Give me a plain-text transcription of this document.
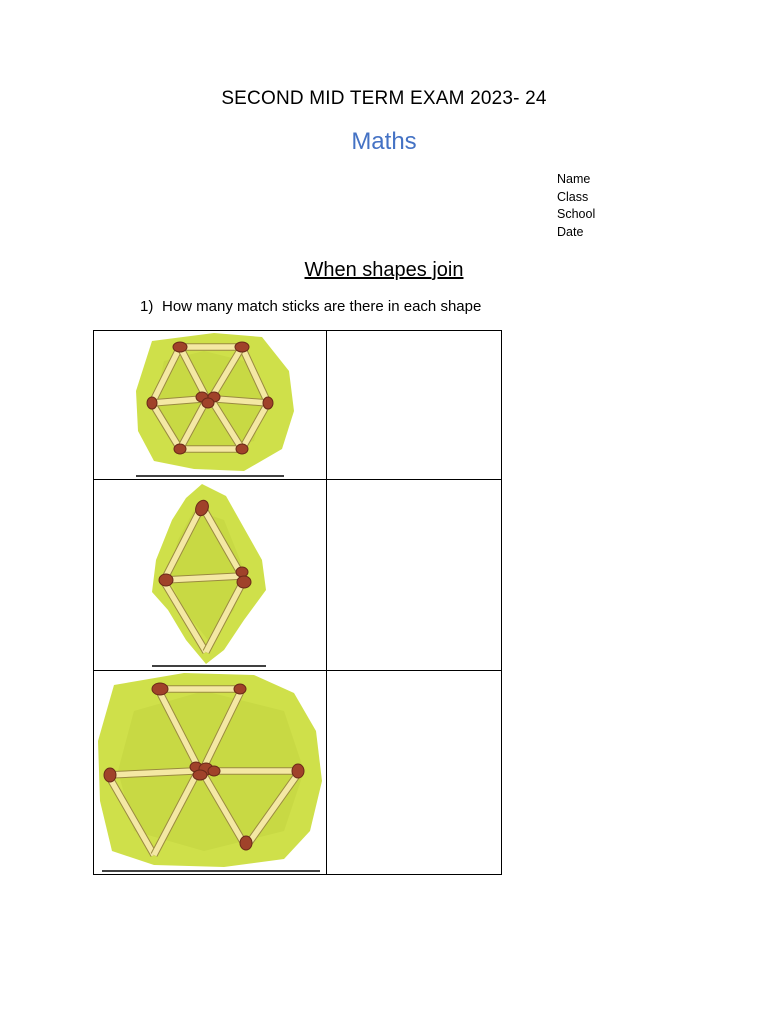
SECOND MID TERM EXAM 2023- 24
Maths
Name
Class
School
Date
When shapes join
1) How many match sticks are there in each shape
